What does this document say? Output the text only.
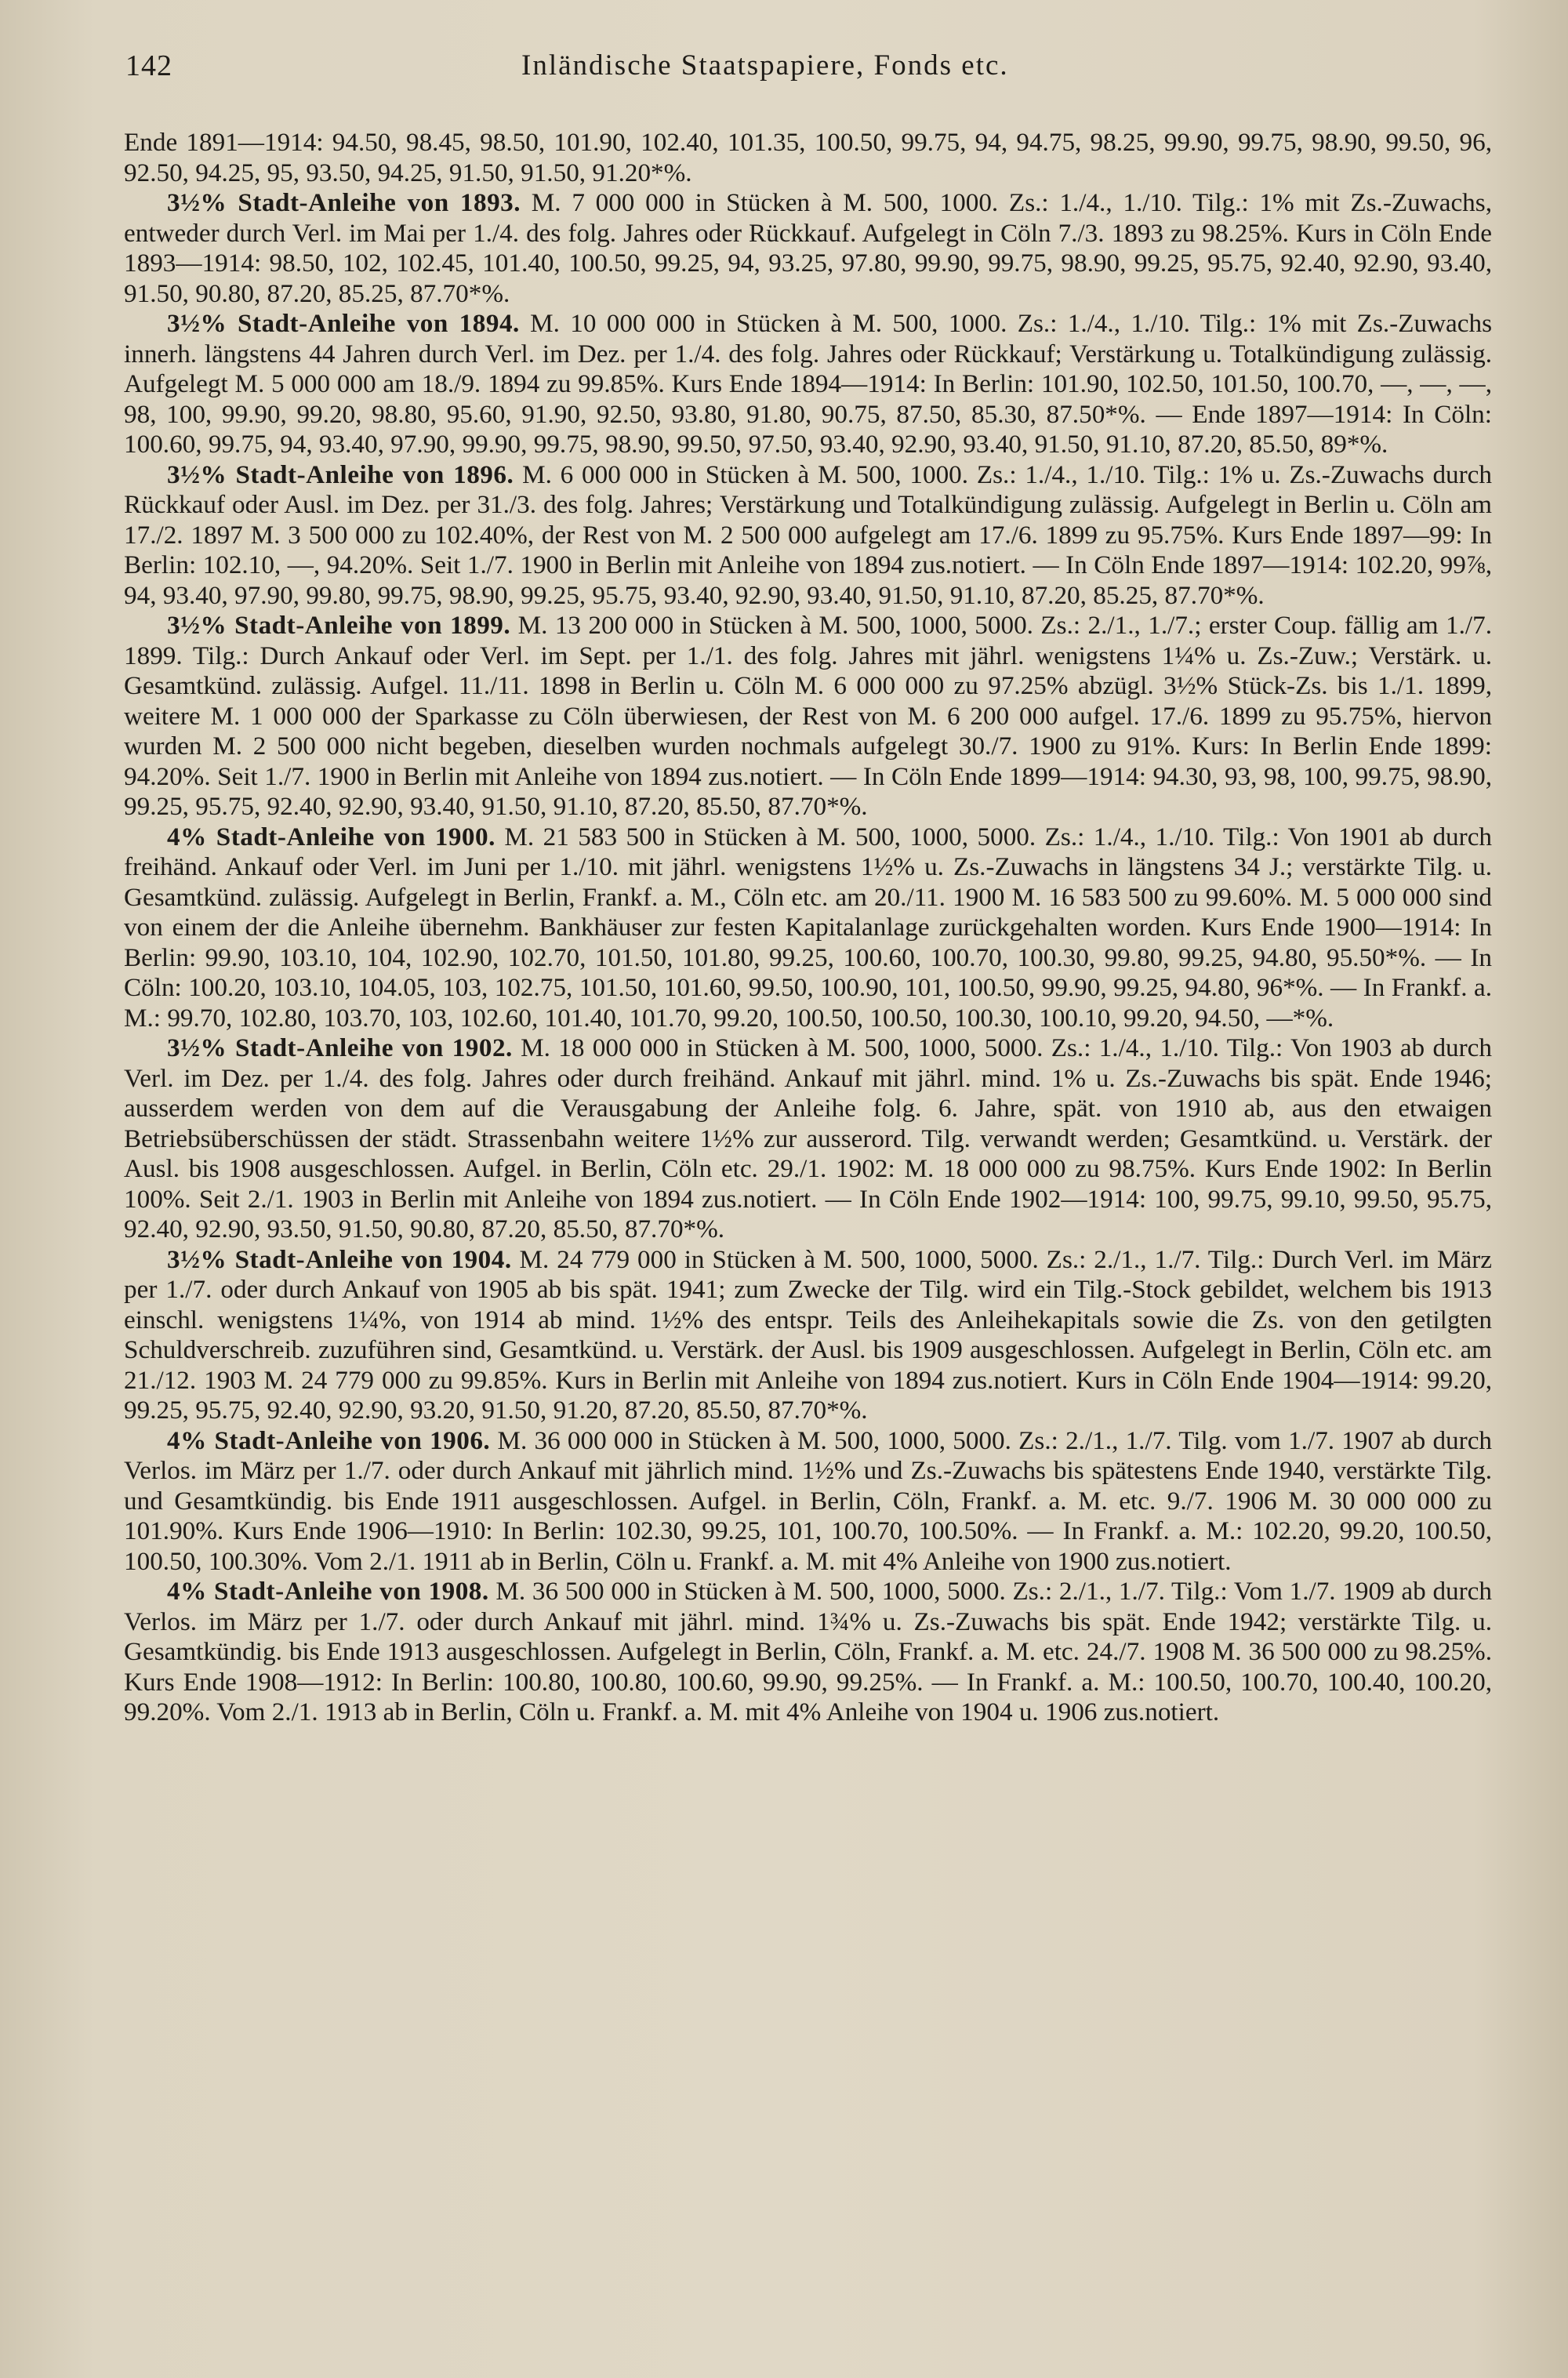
142	Inländische Staatspapiere, Fonds etc.

Ende 1891—1914: 94.50, 98.45, 98.50, 101.90, 102.40, 101.35, 100.50, 99.75, 94, 94.75, 98.25, 99.90, 99.75, 98.90, 99.50, 96, 92.50, 94.25, 95, 93.50, 94.25, 91.50, 91.50, 91.20*%.

3½% Stadt-Anleihe von 1893. M. 7 000 000 in Stücken à M. 500, 1000. Zs.: 1./4., 1./10. Tilg.: 1% mit Zs.-Zuwachs, entweder durch Verl. im Mai per 1./4. des folg. Jahres oder Rückkauf. Aufgelegt in Cöln 7./3. 1893 zu 98.25%. Kurs in Cöln Ende 1893—1914: 98.50, 102, 102.45, 101.40, 100.50, 99.25, 94, 93.25, 97.80, 99.90, 99.75, 98.90, 99.25, 95.75, 92.40, 92.90, 93.40, 91.50, 90.80, 87.20, 85.25, 87.70*%.

3½% Stadt-Anleihe von 1894. M. 10 000 000 in Stücken à M. 500, 1000. Zs.: 1./4., 1./10. Tilg.: 1% mit Zs.-Zuwachs innerh. längstens 44 Jahren durch Verl. im Dez. per 1./4. des folg. Jahres oder Rückkauf; Verstärkung u. Totalkündigung zulässig. Aufgelegt M. 5 000 000 am 18./9. 1894 zu 99.85%. Kurs Ende 1894—1914: In Berlin: 101.90, 102.50, 101.50, 100.70, —, —, —, 98, 100, 99.90, 99.20, 98.80, 95.60, 91.90, 92.50, 93.80, 91.80, 90.75, 87.50, 85.30, 87.50*%. — Ende 1897—1914: In Cöln: 100.60, 99.75, 94, 93.40, 97.90, 99.90, 99.75, 98.90, 99.50, 97.50, 93.40, 92.90, 93.40, 91.50, 91.10, 87.20, 85.50, 89*%.

3½% Stadt-Anleihe von 1896. M. 6 000 000 in Stücken à M. 500, 1000. Zs.: 1./4., 1./10. Tilg.: 1% u. Zs.-Zuwachs durch Rückkauf oder Ausl. im Dez. per 31./3. des folg. Jahres; Verstärkung und Totalkündigung zulässig. Aufgelegt in Berlin u. Cöln am 17./2. 1897 M. 3 500 000 zu 102.40%, der Rest von M. 2 500 000 aufgelegt am 17./6. 1899 zu 95.75%. Kurs Ende 1897—99: In Berlin: 102.10, —, 94.20%. Seit 1./7. 1900 in Berlin mit Anleihe von 1894 zus.notiert. — In Cöln Ende 1897—1914: 102.20, 99⅞, 94, 93.40, 97.90, 99.80, 99.75, 98.90, 99.25, 95.75, 93.40, 92.90, 93.40, 91.50, 91.10, 87.20, 85.25, 87.70*%.

3½% Stadt-Anleihe von 1899. M. 13 200 000 in Stücken à M. 500, 1000, 5000. Zs.: 2./1., 1./7.; erster Coup. fällig am 1./7. 1899. Tilg.: Durch Ankauf oder Verl. im Sept. per 1./1. des folg. Jahres mit jährl. wenigstens 1¼% u. Zs.-Zuw.; Verstärk. u. Gesamtkünd. zulässig. Aufgel. 11./11. 1898 in Berlin u. Cöln M. 6 000 000 zu 97.25% abzügl. 3½% Stück-Zs. bis 1./1. 1899, weitere M. 1 000 000 der Sparkasse zu Cöln überwiesen, der Rest von M. 6 200 000 aufgel. 17./6. 1899 zu 95.75%, hiervon wurden M. 2 500 000 nicht begeben, dieselben wurden nochmals aufgelegt 30./7. 1900 zu 91%. Kurs: In Berlin Ende 1899: 94.20%. Seit 1./7. 1900 in Berlin mit Anleihe von 1894 zus.notiert. — In Cöln Ende 1899—1914: 94.30, 93, 98, 100, 99.75, 98.90, 99.25, 95.75, 92.40, 92.90, 93.40, 91.50, 91.10, 87.20, 85.50, 87.70*%.

4% Stadt-Anleihe von 1900. M. 21 583 500 in Stücken à M. 500, 1000, 5000. Zs.: 1./4., 1./10. Tilg.: Von 1901 ab durch freihänd. Ankauf oder Verl. im Juni per 1./10. mit jährl. wenigstens 1½% u. Zs.-Zuwachs in längstens 34 J.; verstärkte Tilg. u. Gesamtkünd. zulässig. Aufgelegt in Berlin, Frankf. a. M., Cöln etc. am 20./11. 1900 M. 16 583 500 zu 99.60%. M. 5 000 000 sind von einem der die Anleihe übernehm. Bankhäuser zur festen Kapitalanlage zurückgehalten worden. Kurs Ende 1900—1914: In Berlin: 99.90, 103.10, 104, 102.90, 102.70, 101.50, 101.80, 99.25, 100.60, 100.70, 100.30, 99.80, 99.25, 94.80, 95.50*%. — In Cöln: 100.20, 103.10, 104.05, 103, 102.75, 101.50, 101.60, 99.50, 100.90, 101, 100.50, 99.90, 99.25, 94.80, 96*%. — In Frankf. a. M.: 99.70, 102.80, 103.70, 103, 102.60, 101.40, 101.70, 99.20, 100.50, 100.50, 100.30, 100.10, 99.20, 94.50, —*%.

3½% Stadt-Anleihe von 1902. M. 18 000 000 in Stücken à M. 500, 1000, 5000. Zs.: 1./4., 1./10. Tilg.: Von 1903 ab durch Verl. im Dez. per 1./4. des folg. Jahres oder durch freihänd. Ankauf mit jährl. mind. 1% u. Zs.-Zuwachs bis spät. Ende 1946; ausserdem werden von dem auf die Verausgabung der Anleihe folg. 6. Jahre, spät. von 1910 ab, aus den etwaigen Betriebsüberschüssen der städt. Strassenbahn weitere 1½% zur ausserord. Tilg. verwandt werden; Gesamtkünd. u. Verstärk. der Ausl. bis 1908 ausgeschlossen. Aufgel. in Berlin, Cöln etc. 29./1. 1902: M. 18 000 000 zu 98.75%. Kurs Ende 1902: In Berlin 100%. Seit 2./1. 1903 in Berlin mit Anleihe von 1894 zus.notiert. — In Cöln Ende 1902—1914: 100, 99.75, 99.10, 99.50, 95.75, 92.40, 92.90, 93.50, 91.50, 90.80, 87.20, 85.50, 87.70*%.

3½% Stadt-Anleihe von 1904. M. 24 779 000 in Stücken à M. 500, 1000, 5000. Zs.: 2./1., 1./7. Tilg.: Durch Verl. im März per 1./7. oder durch Ankauf von 1905 ab bis spät. 1941; zum Zwecke der Tilg. wird ein Tilg.-Stock gebildet, welchem bis 1913 einschl. wenigstens 1¼%, von 1914 ab mind. 1½% des entspr. Teils des Anleihekapitals sowie die Zs. von den getilgten Schuldverschreib. zuzuführen sind, Gesamtkünd. u. Verstärk. der Ausl. bis 1909 ausgeschlossen. Aufgelegt in Berlin, Cöln etc. am 21./12. 1903 M. 24 779 000 zu 99.85%. Kurs in Berlin mit Anleihe von 1894 zus.notiert. Kurs in Cöln Ende 1904—1914: 99.20, 99.25, 95.75, 92.40, 92.90, 93.20, 91.50, 91.20, 87.20, 85.50, 87.70*%.

4% Stadt-Anleihe von 1906. M. 36 000 000 in Stücken à M. 500, 1000, 5000. Zs.: 2./1., 1./7. Tilg. vom 1./7. 1907 ab durch Verlos. im März per 1./7. oder durch Ankauf mit jährlich mind. 1½% und Zs.-Zuwachs bis spätestens Ende 1940, verstärkte Tilg. und Gesamtkündig. bis Ende 1911 ausgeschlossen. Aufgel. in Berlin, Cöln, Frankf. a. M. etc. 9./7. 1906 M. 30 000 000 zu 101.90%. Kurs Ende 1906—1910: In Berlin: 102.30, 99.25, 101, 100.70, 100.50%. — In Frankf. a. M.: 102.20, 99.20, 100.50, 100.50, 100.30%. Vom 2./1. 1911 ab in Berlin, Cöln u. Frankf. a. M. mit 4% Anleihe von 1900 zus.notiert.

4% Stadt-Anleihe von 1908. M. 36 500 000 in Stücken à M. 500, 1000, 5000. Zs.: 2./1., 1./7. Tilg.: Vom 1./7. 1909 ab durch Verlos. im März per 1./7. oder durch Ankauf mit jährl. mind. 1¾% u. Zs.-Zuwachs bis spät. Ende 1942; verstärkte Tilg. u. Gesamtkündig. bis Ende 1913 ausgeschlossen. Aufgelegt in Berlin, Cöln, Frankf. a. M. etc. 24./7. 1908 M. 36 500 000 zu 98.25%. Kurs Ende 1908—1912: In Berlin: 100.80, 100.80, 100.60, 99.90, 99.25%. — In Frankf. a. M.: 100.50, 100.70, 100.40, 100.20, 99.20%. Vom 2./1. 1913 ab in Berlin, Cöln u. Frankf. a. M. mit 4% Anleihe von 1904 u. 1906 zus.notiert.
